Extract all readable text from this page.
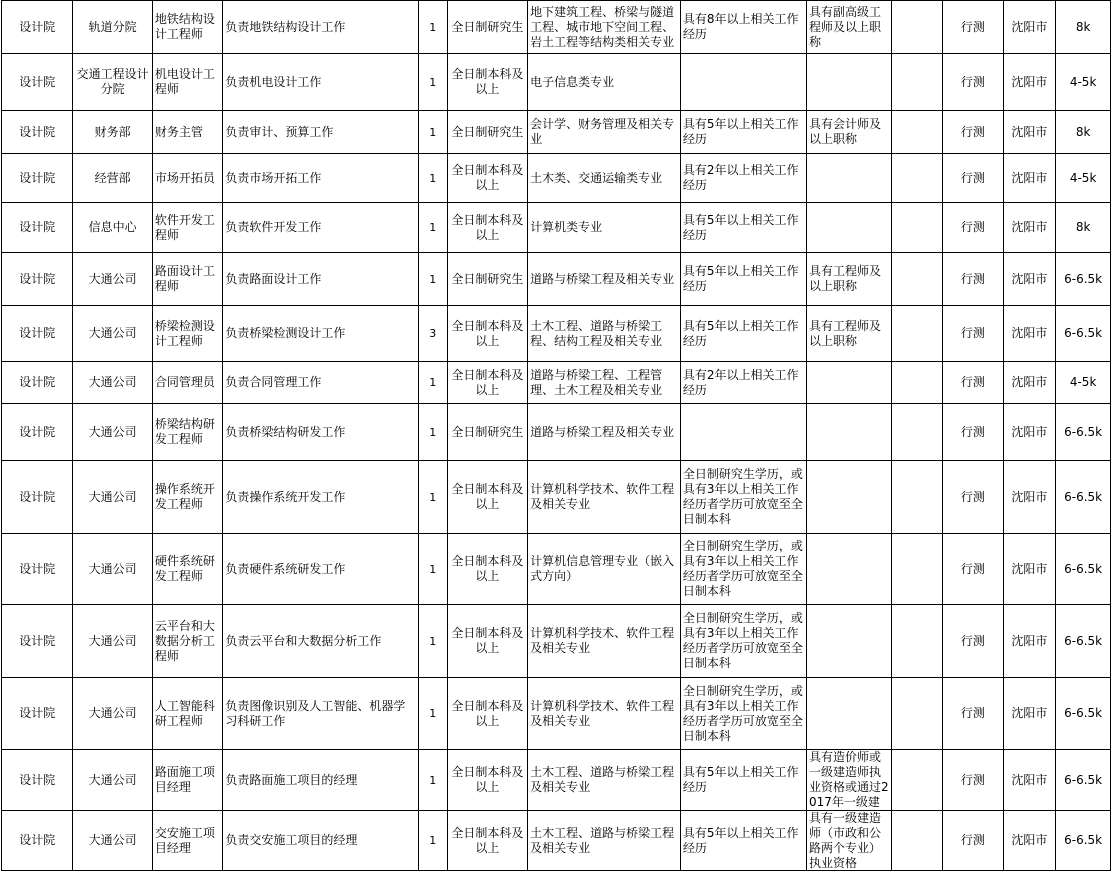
设计院	轨道分院	地铁结构设计工程师	负责地铁结构设计工作	1	全日制研究生	地下建筑工程、桥梁与隧道工程、城市地下空间工程、岩土工程等结构类相关专业	具有8年以上相关工作经历	具有副高级工程师及以上职称		行测	沈阳市	8k

设计院	交通工程设计分院	机电设计工程师	负责机电设计工作	1	全日制本科及以上	电子信息类专业				行测	沈阳市	4-5k

设计院	财务部	财务主管	负责审计、预算工作	1	全日制研究生	会计学、财务管理及相关专业	具有5年以上相关工作经历	具有会计师及以上职称		行测	沈阳市	8k

设计院	经营部	市场开拓员	负责市场开拓工作	1	全日制本科及以上	土木类、交通运输类专业	具有2年以上相关工作经历			行测	沈阳市	4-5k

设计院	信息中心	软件开发工程师	负责软件开发工作	1	全日制本科及以上	计算机类专业	具有5年以上相关工作经历			行测	沈阳市	8k

设计院	大通公司	路面设计工程师	负责路面设计工作	1	全日制研究生	道路与桥梁工程及相关专业	具有5年以上相关工作经历	具有工程师及以上职称		行测	沈阳市	6-6.5k

设计院	大通公司	桥梁检测设计工程师	负责桥梁检测设计工作	3	全日制本科及以上	土木工程、道路与桥梁工程、结构工程及相关专业	具有5年以上相关工作经历	具有工程师及以上职称		行测	沈阳市	6-6.5k

设计院	大通公司	合同管理员	负责合同管理工作	1	全日制本科及以上	道路与桥梁工程、工程管理、土木工程及相关专业	具有2年以上相关工作经历			行测	沈阳市	4-5k

设计院	大通公司	桥梁结构研发工程师	负责桥梁结构研发工作	1	全日制研究生	道路与桥梁工程及相关专业				行测	沈阳市	6-6.5k

设计院	大通公司	操作系统开发工程师	负责操作系统开发工作	1	全日制本科及以上	计算机科学技术、软件工程及相关专业	全日制研究生学历，或具有3年以上相关工作经历者学历可放宽至全日制本科			行测	沈阳市	6-6.5k

设计院	大通公司	硬件系统研发工程师	负责硬件系统研发工作	1	全日制本科及以上	计算机信息管理专业（嵌入式方向）	全日制研究生学历，或具有3年以上相关工作经历者学历可放宽至全日制本科			行测	沈阳市	6-6.5k

设计院	大通公司	云平台和大数据分析工程师	负责云平台和大数据分析工作	1	全日制本科及以上	计算机科学技术、软件工程及相关专业	全日制研究生学历，或具有3年以上相关工作经历者学历可放宽至全日制本科			行测	沈阳市	6-6.5k

设计院	大通公司	人工智能科研工程师	负责图像识别及人工智能、机器学习科研工作	1	全日制本科及以上	计算机科学技术、软件工程及相关专业	全日制研究生学历，或具有3年以上相关工作经历者学历可放宽至全日制本科			行测	沈阳市	6-6.5k

设计院	大通公司	路面施工项目经理	负责路面施工项目的经理	1	全日制本科及以上	土木工程、道路与桥梁工程及相关专业	具有5年以上相关工作经历	具有造价师或一级建造师执业资格或通过2017年一级建		行测	沈阳市	6-6.5k

设计院	大通公司	交安施工项目经理	负责交安施工项目的经理	1	全日制本科及以上	土木工程、道路与桥梁工程及相关专业	具有5年以上相关工作经历	具有一级建造师（市政和公路两个专业）执业资格		行测	沈阳市	6-6.5k
